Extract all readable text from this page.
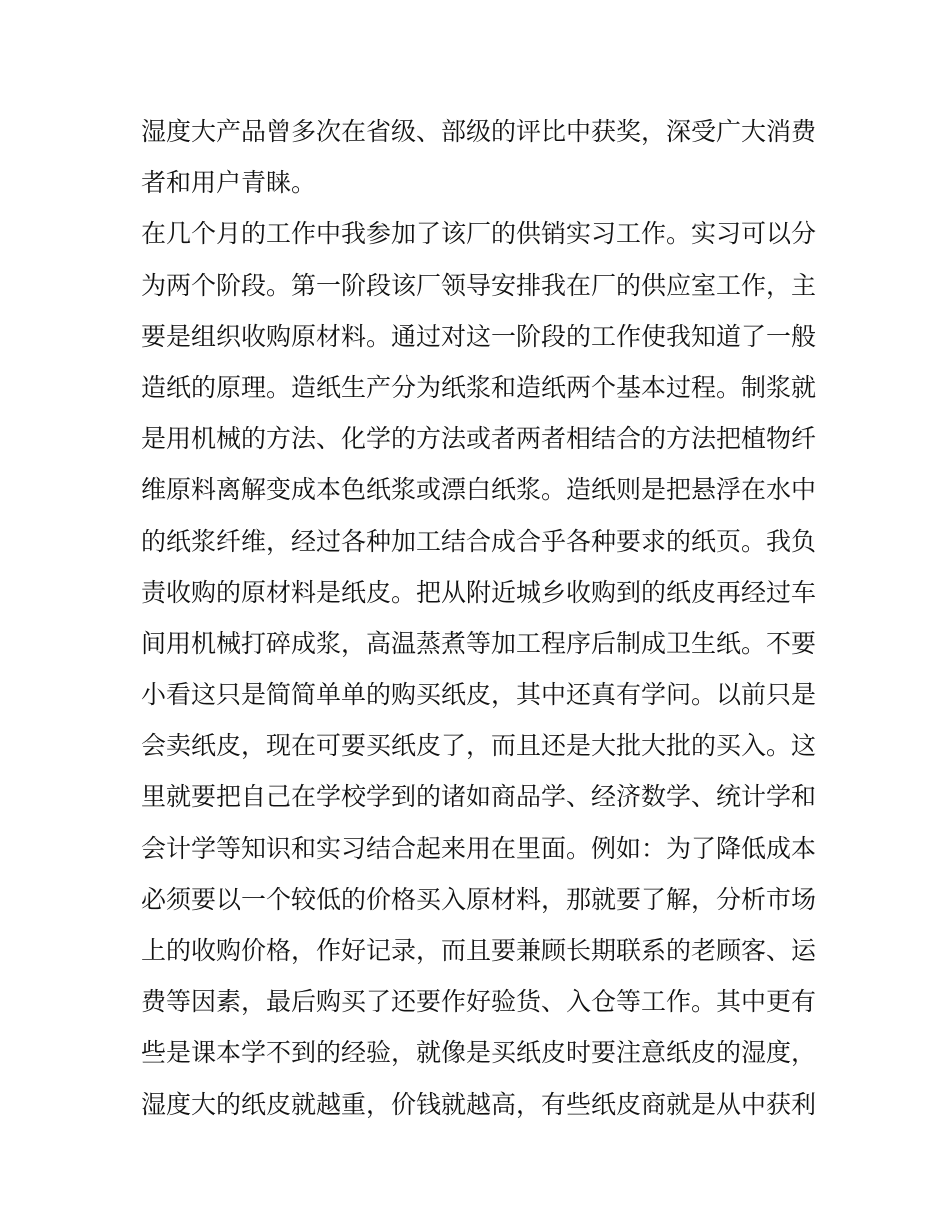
湿度大产品曾多次在省级、部级的评比中获奖，深受广大消费
者和用户青睐。
在几个月的工作中我参加了该厂的供销实习工作。实习可以分
为两个阶段。第一阶段该厂领导安排我在厂的供应室工作，主
要是组织收购原材料。通过对这一阶段的工作使我知道了一般
造纸的原理。造纸生产分为纸浆和造纸两个基本过程。制浆就
是用机械的方法、化学的方法或者两者相结合的方法把植物纤
维原料离解变成本色纸浆或漂白纸浆。造纸则是把悬浮在水中
的纸浆纤维，经过各种加工结合成合乎各种要求的纸页。我负
责收购的原材料是纸皮。把从附近城乡收购到的纸皮再经过车
间用机械打碎成浆，高温蒸煮等加工程序后制成卫生纸。不要
小看这只是简简单单的购买纸皮，其中还真有学问。以前只是
会卖纸皮，现在可要买纸皮了，而且还是大批大批的买入。这
里就要把自己在学校学到的诸如商品学、经济数学、统计学和
会计学等知识和实习结合起来用在里面。例如：为了降低成本
必须要以一个较低的价格买入原材料，那就要了解，分析市场
上的收购价格，作好记录，而且要兼顾长期联系的老顾客、运
费等因素，最后购买了还要作好验货、入仓等工作。其中更有
些是课本学不到的经验，就像是买纸皮时要注意纸皮的湿度，
湿度大的纸皮就越重，价钱就越高，有些纸皮商就是从中获利
